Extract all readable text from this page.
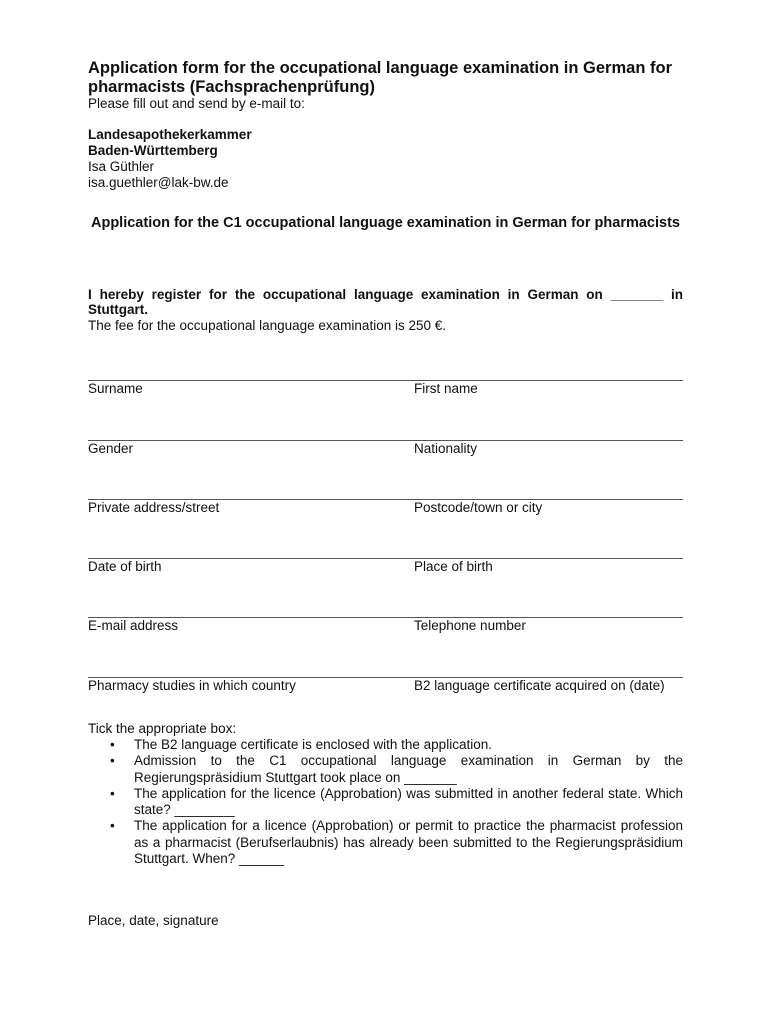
Application form for the occupational language examination in German for pharmacists (Fachsprachenprüfung)
Please fill out and send by e-mail to:
Landesapothekerkammer
Baden-Württemberg
Isa Güthler
isa.guethler@lak-bw.de
Application for the C1 occupational language examination in German for pharmacists
I hereby register for the occupational language examination in German on _______ in Stuttgart.
The fee for the occupational language examination is 250 €.
Surname	First name
Gender	Nationality
Private address/street	Postcode/town or city
Date of birth	Place of birth
E-mail address	Telephone number
Pharmacy studies in which country	B2 language certificate acquired on (date)
Tick the appropriate box:
• The B2 language certificate is enclosed with the application.
• Admission to the C1 occupational language examination in German by the Regierungspräsidium Stuttgart took place on _______
• The application for the licence (Approbation) was submitted in another federal state. Which state? ________
• The application for a licence (Approbation) or permit to practice the pharmacist profession as a pharmacist (Berufserlaubnis) has already been submitted to the Regierungspräsidium Stuttgart. When? ______
Place, date, signature
